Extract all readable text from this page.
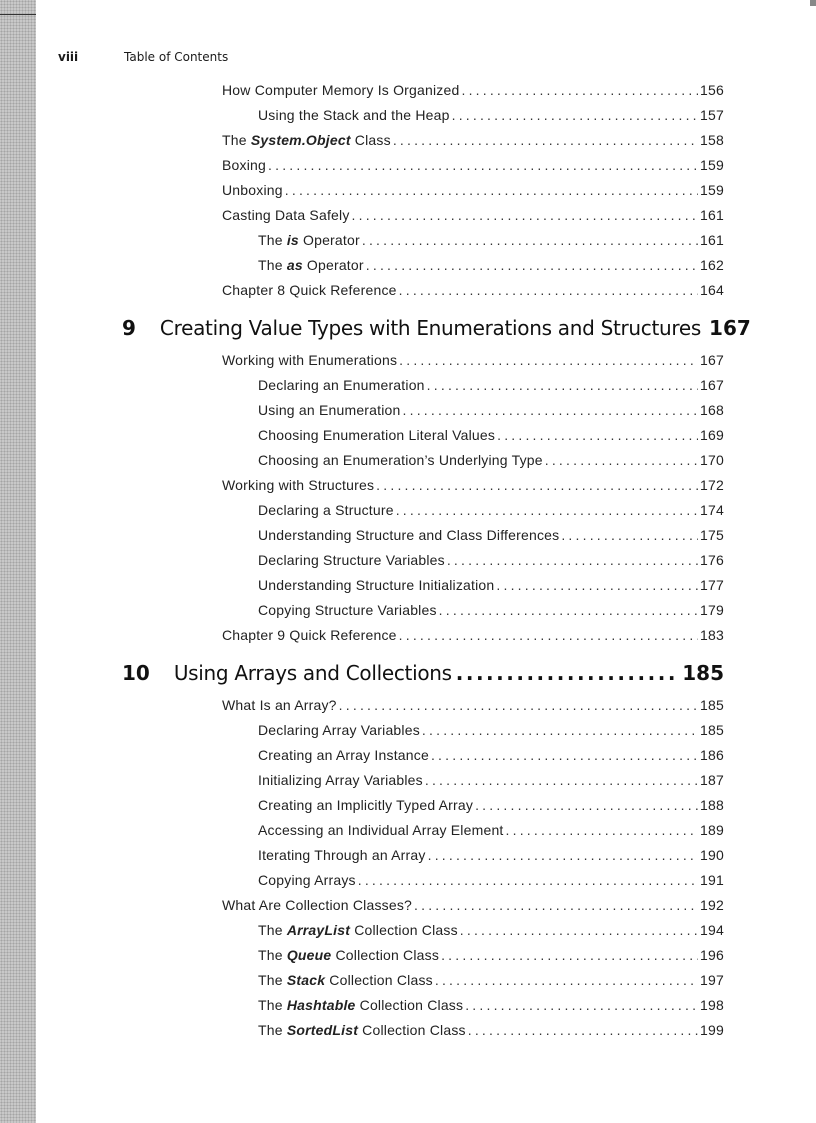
viii	Table of Contents
How Computer Memory Is Organized .....	156
Using the Stack and the Heap .....	157
The System.Object Class .....	158
Boxing .....	159
Unboxing .....	159
Casting Data Safely .....	161
The is Operator .....	161
The as Operator .....	162
Chapter 8 Quick Reference .....	164
9 Creating Value Types with Enumerations and Structures 167
Working with Enumerations .....	167
Declaring an Enumeration .....	167
Using an Enumeration .....	168
Choosing Enumeration Literal Values .....	169
Choosing an Enumeration’s Underlying Type .....	170
Working with Structures .....	172
Declaring a Structure .....	174
Understanding Structure and Class Differences .....	175
Declaring Structure Variables .....	176
Understanding Structure Initialization .....	177
Copying Structure Variables .....	179
Chapter 9 Quick Reference .....	183
10 Using Arrays and Collections .....	185
What Is an Array? .....	185
Declaring Array Variables .....	185
Creating an Array Instance .....	186
Initializing Array Variables .....	187
Creating an Implicitly Typed Array .....	188
Accessing an Individual Array Element .....	189
Iterating Through an Array .....	190
Copying Arrays .....	191
What Are Collection Classes? .....	192
The ArrayList Collection Class .....	194
The Queue Collection Class .....	196
The Stack Collection Class .....	197
The Hashtable Collection Class .....	198
The SortedList Collection Class .....	199
